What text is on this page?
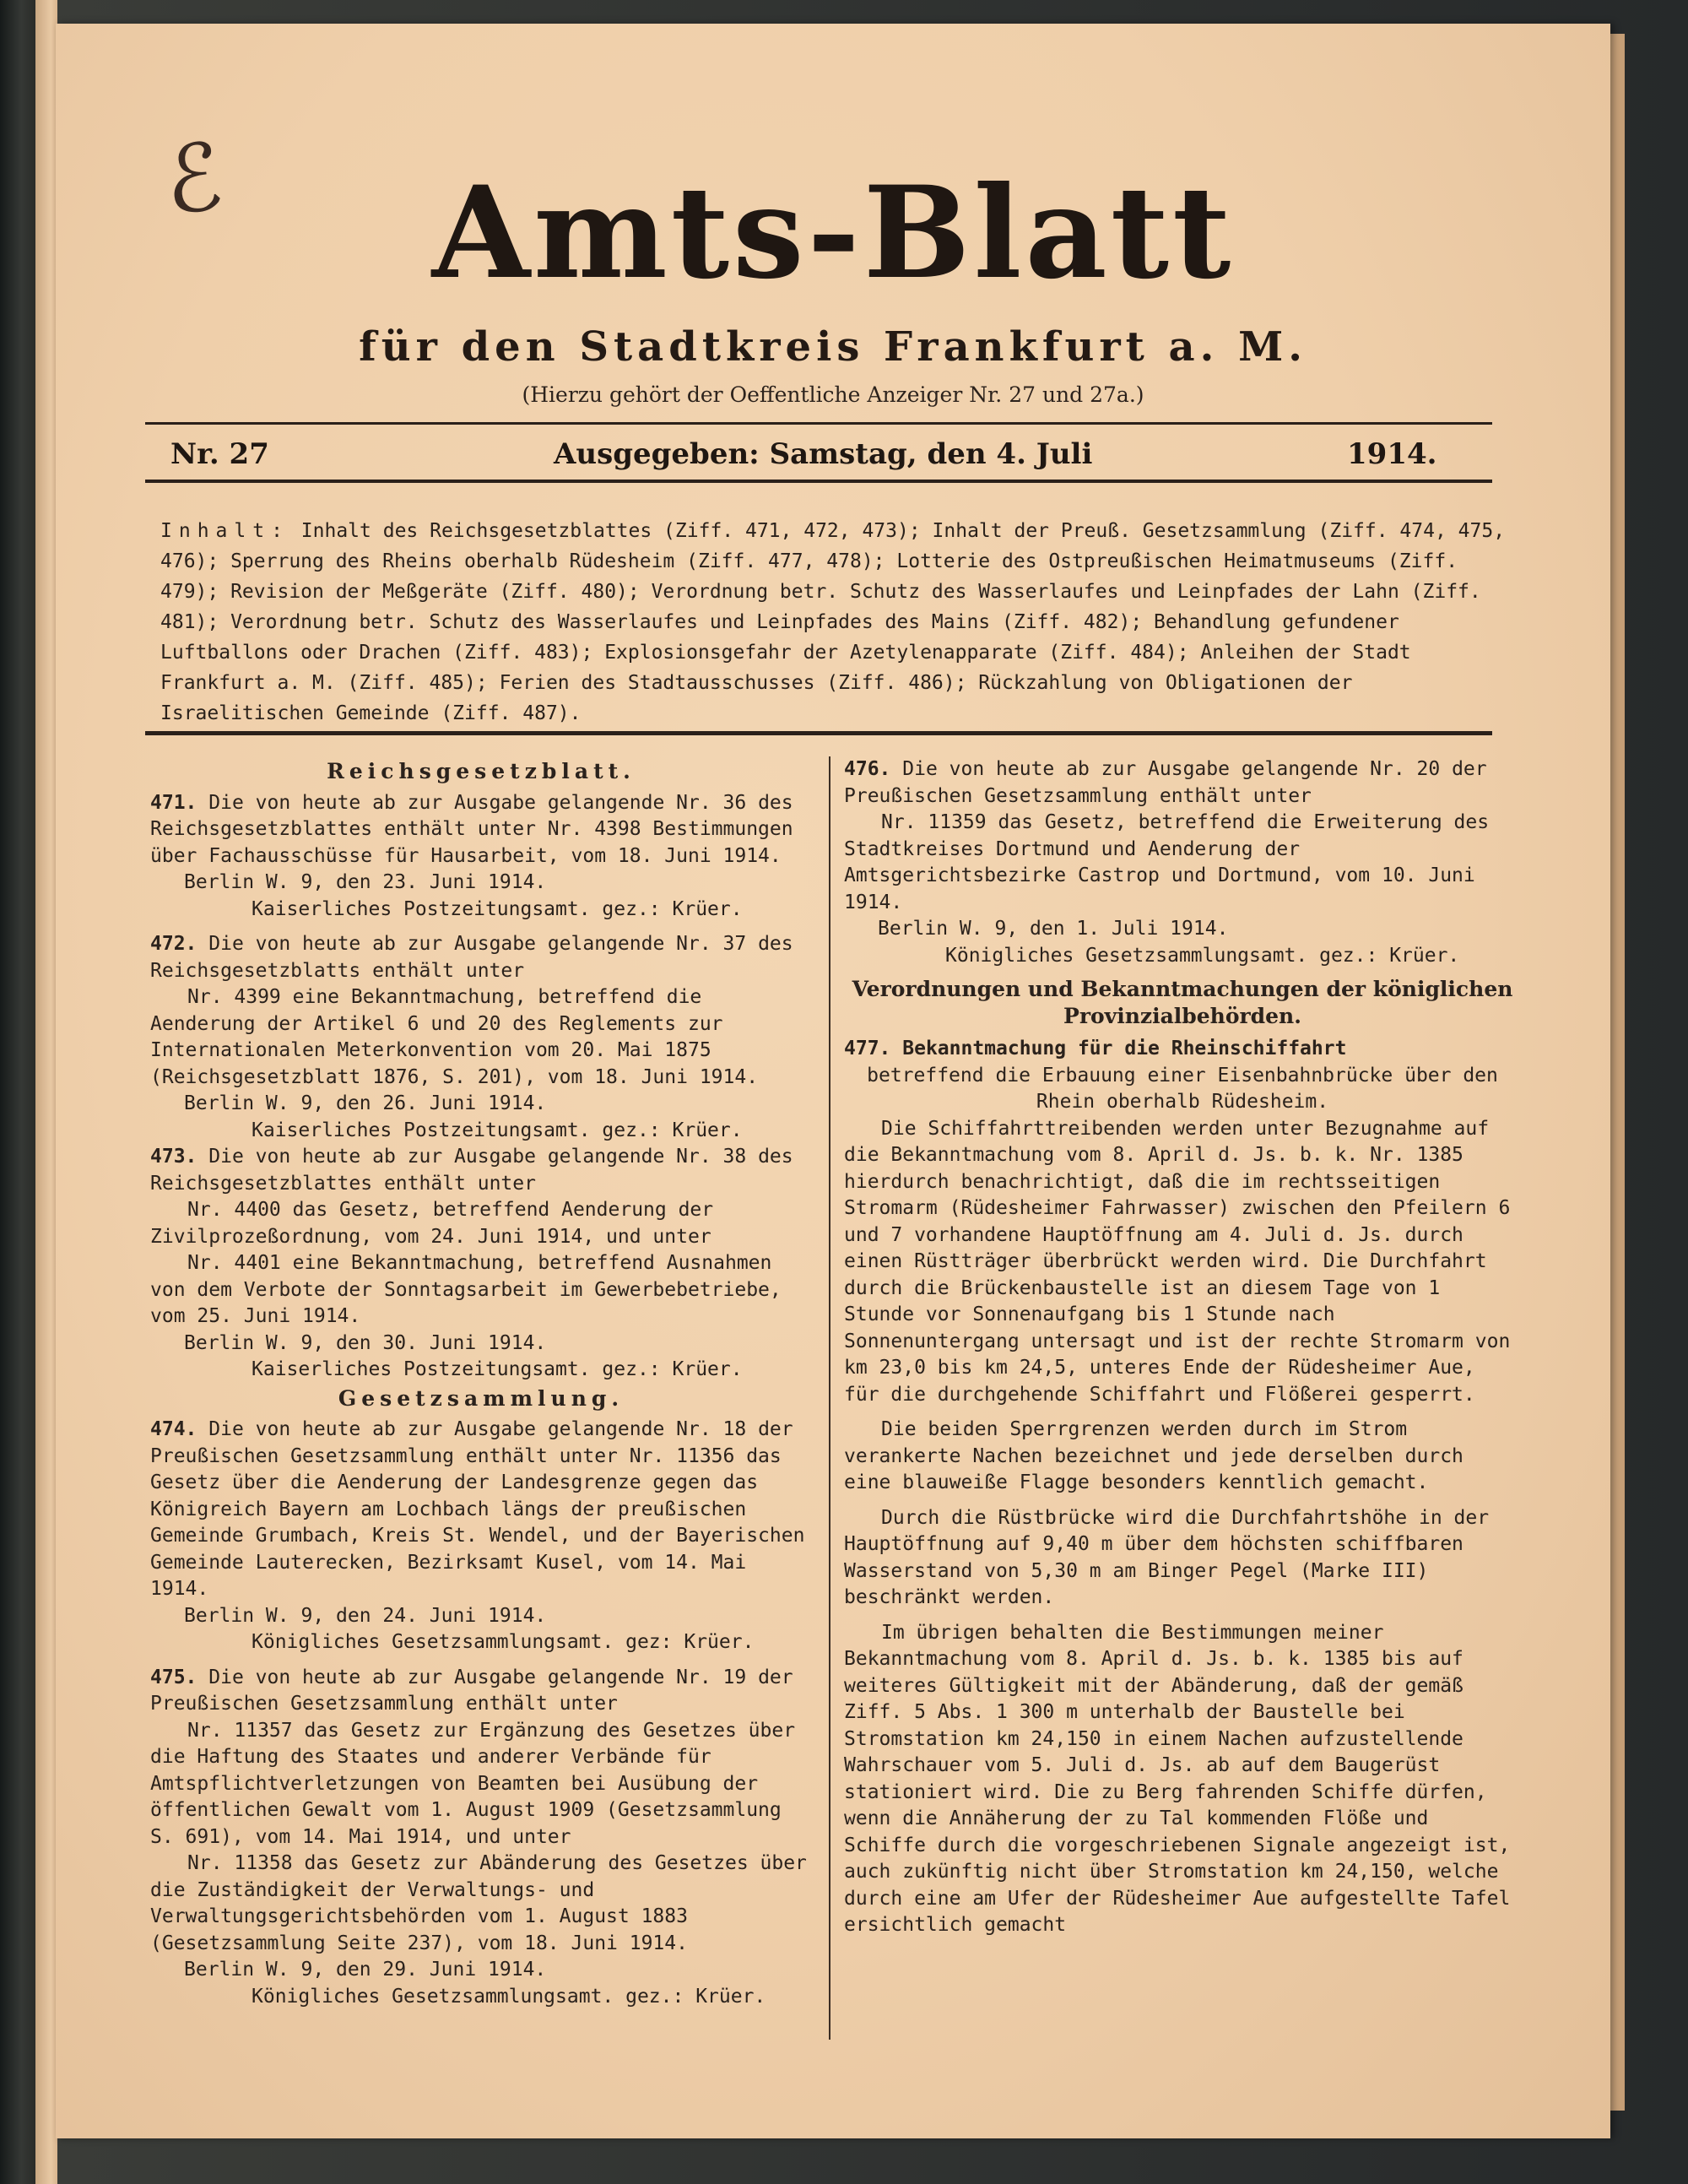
ℰ	Amts-Blatt
für den Stadtkreis Frankfurt a. M.
(Hierzu gehört der Oeffentliche Anzeiger Nr. 27 und 27a.)
Nr. 27	Ausgegeben: Samstag, den 4. Juli	1914.
Inhalt: Inhalt des Reichsgesetzblattes (Ziff. 471, 472, 473); Inhalt der Preuß. Gesetzsammlung (Ziff. 474, 475, 476); Sperrung des Rheins oberhalb Rüdesheim (Ziff. 477, 478); Lotterie des Ostpreußischen Heimatmuseums (Ziff. 479); Revision der Meßgeräte (Ziff. 480); Verordnung betr. Schutz des Wasserlaufes und Leinpfades der Lahn (Ziff. 481); Verordnung betr. Schutz des Wasserlaufes und Leinpfades des Mains (Ziff. 482); Behandlung gefundener Luftballons oder Drachen (Ziff. 483); Explosionsgefahr der Azetylenapparate (Ziff. 484); Anleihen der Stadt Frankfurt a. M. (Ziff. 485); Ferien des Stadtausschusses (Ziff. 486); Rückzahlung von Obligationen der Israelitischen Gemeinde (Ziff. 487).

Reichsgesetzblatt.

471. Die von heute ab zur Ausgabe gelangende Nr. 36 des Reichsgesetzblattes enthält unter Nr. 4398 Bestimmungen über Fachausschüsse für Hausarbeit, vom 18. Juni 1914.

Berlin W. 9, den 23. Juni 1914.

Kaiserliches Postzeitungsamt. gez.: Krüer.

472. Die von heute ab zur Ausgabe gelangende Nr. 37 des Reichsgesetzblatts enthält unter

Nr. 4399 eine Bekanntmachung, betreffend die Aenderung der Artikel 6 und 20 des Reglements zur Internationalen Meterkonvention vom 20. Mai 1875 (Reichsgesetzblatt 1876, S. 201), vom 18. Juni 1914.

Berlin W. 9, den 26. Juni 1914.

Kaiserliches Postzeitungsamt. gez.: Krüer.

473. Die von heute ab zur Ausgabe gelangende Nr. 38 des Reichsgesetzblattes enthält unter

Nr. 4400 das Gesetz, betreffend Aenderung der Zivilprozeßordnung, vom 24. Juni 1914, und unter

Nr. 4401 eine Bekanntmachung, betreffend Ausnahmen von dem Verbote der Sonntagsarbeit im Gewerbebetriebe, vom 25. Juni 1914.

Berlin W. 9, den 30. Juni 1914.

Kaiserliches Postzeitungsamt. gez.: Krüer.

Gesetzsammlung.

474. Die von heute ab zur Ausgabe gelangende Nr. 18 der Preußischen Gesetzsammlung enthält unter Nr. 11356 das Gesetz über die Aenderung der Landesgrenze gegen das Königreich Bayern am Lochbach längs der preußischen Gemeinde Grumbach, Kreis St. Wendel, und der Bayerischen Gemeinde Lauterecken, Bezirksamt Kusel, vom 14. Mai 1914.

Berlin W. 9, den 24. Juni 1914.

Königliches Gesetzsammlungsamt. gez: Krüer.

475. Die von heute ab zur Ausgabe gelangende Nr. 19 der Preußischen Gesetzsammlung enthält unter

Nr. 11357 das Gesetz zur Ergänzung des Gesetzes über die Haftung des Staates und anderer Verbände für Amtspflichtverletzungen von Beamten bei Ausübung der öffentlichen Gewalt vom 1. August 1909 (Gesetzsammlung S. 691), vom 14. Mai 1914, und unter

Nr. 11358 das Gesetz zur Abänderung des Gesetzes über die Zuständigkeit der Verwaltungs- und Verwaltungsgerichtsbehörden vom 1. August 1883 (Gesetzsammlung Seite 237), vom 18. Juni 1914.

Berlin W. 9, den 29. Juni 1914.

Königliches Gesetzsammlungsamt. gez.: Krüer.

476. Die von heute ab zur Ausgabe gelangende Nr. 20 der Preußischen Gesetzsammlung enthält unter

Nr. 11359 das Gesetz, betreffend die Erweiterung des Stadtkreises Dortmund und Aenderung der Amtsgerichtsbezirke Castrop und Dortmund, vom 10. Juni 1914.

Berlin W. 9, den 1. Juli 1914.

Königliches Gesetzsammlungsamt. gez.: Krüer.

Verordnungen und Bekanntmachungen der königlichen Provinzialbehörden.

477. Bekanntmachung für die Rheinschiffahrt

betreffend die Erbauung einer Eisenbahnbrücke über den Rhein oberhalb Rüdesheim.

Die Schiffahrttreibenden werden unter Bezugnahme auf die Bekanntmachung vom 8. April d. Js. b. k. Nr. 1385 hierdurch benachrichtigt, daß die im rechtsseitigen Stromarm (Rüdesheimer Fahrwasser) zwischen den Pfeilern 6 und 7 vorhandene Hauptöffnung am 4. Juli d. Js. durch einen Rüstträger überbrückt werden wird. Die Durchfahrt durch die Brückenbaustelle ist an diesem Tage von 1 Stunde vor Sonnenaufgang bis 1 Stunde nach Sonnenuntergang untersagt und ist der rechte Stromarm von km 23,0 bis km 24,5, unteres Ende der Rüdesheimer Aue, für die durchgehende Schiffahrt und Flößerei gesperrt.

Die beiden Sperrgrenzen werden durch im Strom verankerte Nachen bezeichnet und jede derselben durch eine blauweiße Flagge besonders kenntlich gemacht.

Durch die Rüstbrücke wird die Durchfahrtshöhe in der Hauptöffnung auf 9,40 m über dem höchsten schiffbaren Wasserstand von 5,30 m am Binger Pegel (Marke III) beschränkt werden.

Im übrigen behalten die Bestimmungen meiner Bekanntmachung vom 8. April d. Js. b. k. 1385 bis auf weiteres Gültigkeit mit der Abänderung, daß der gemäß Ziff. 5 Abs. 1 300 m unterhalb der Baustelle bei Stromstation km 24,150 in einem Nachen aufzustellende Wahrschauer vom 5. Juli d. Js. ab auf dem Baugerüst stationiert wird. Die zu Berg fahrenden Schiffe dürfen, wenn die Annäherung der zu Tal kommenden Flöße und Schiffe durch die vorgeschriebenen Signale angezeigt ist, auch zukünftig nicht über Stromstation km 24,150, welche durch eine am Ufer der Rüdesheimer Aue aufgestellte Tafel ersichtlich gemacht
